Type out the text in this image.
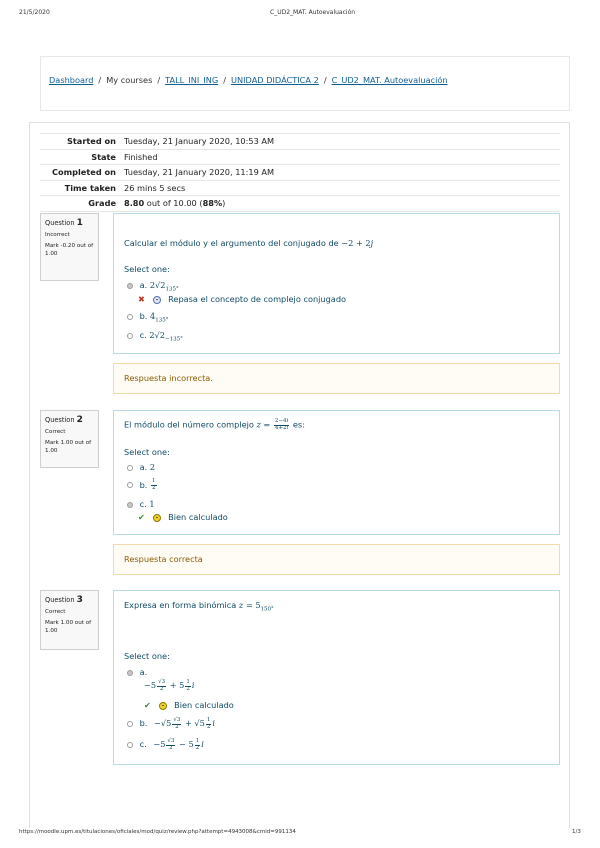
21/5/2020	C_UD2_MAT. Autoevaluación
https://moodle.upm.es/titulaciones/oficiales/mod/quiz/review.php?attempt=4943008&cmid=991134	1/3
Dashboard / My courses / TALL_INI_ING / UNIDAD DIDÁCTICA 2 / C_UD2_MAT. Autoevaluación
Started on	Tuesday, 21 January 2020, 10:53 AM
State	Finished
Completed on	Tuesday, 21 January 2020, 11:19 AM
Time taken	26 mins 5 secs
Grade	8.80 out of 10.00 (88%)
Question 1
Incorrect
Mark -0.20 out of 1.00
Calcular el módulo y el argumento del conjugado de −2 + 2j
Select one:
a. $2√2_{135^\circ}$
✖	Repasa el concepto de complejo conjugado
b. $4_{135^\circ}$
c. $2√2_{-135^\circ}$
Respuesta incorrecta.
Question 2
Correct
Mark 1.00 out of 1.00
El módulo del número complejo $z = \frac{2-4i}{4+2i}$ es:
Select one:
a. 2
b. $\frac{1}{2}$
c. 1
✔	Bien calculado
Respuesta correcta
Question 3
Correct
Mark 1.00 out of 1.00
Expresa en forma binómica $z = 5_{150^\circ}$
Select one:
a.
$-5 \frac{√3}{2} + 5 \frac{1}{2}$ i
✔	Bien calculado
b. $-√5 \frac{√3}{2} + √5 \frac{1}{2}$ i
c. $-5 \frac{√3}{2} - 5 \frac{1}{2}$ i
